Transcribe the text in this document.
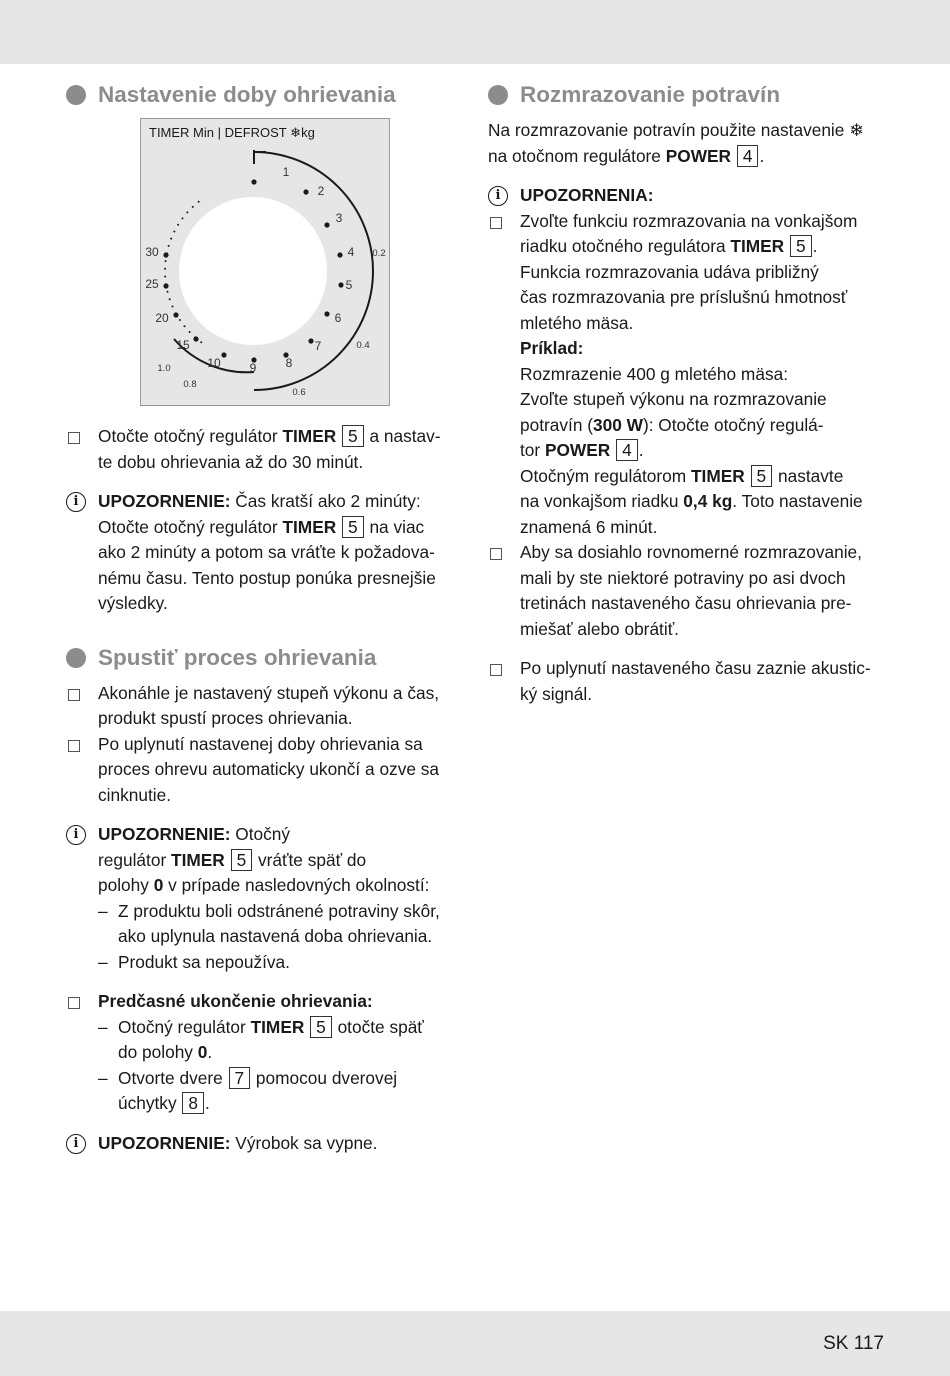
Nastavenie doby ohrievania
TIMER Min | DEFROST ❄kg
1
2
3
4
5
6
7
8
9
10
15
20
25
30	0.2
0.4
0.6
0.8
1.0

Otočte otočný regulátor TIMER 5 a nastav-
te dobu ohrievania až do 30 minút.

i	UPOZORNENIE: Čas kratší ako 2 minúty:
Otočte otočný regulátor TIMER 5 na viac
ako 2 minúty a potom sa vráťte k požadova-
nému času. Tento postup ponúka presnejšie
výsledky.

Spustiť proces ohrievania

Akonáhle je nastavený stupeň výkonu a čas,
produkt spustí proces ohrievania.

Po uplynutí nastavenej doby ohrievania sa
proces ohrevu automaticky ukončí a ozve sa
cinknutie.

i	UPOZORNENIE: Otočný
regulátor TIMER 5 vráťte späť do
polohy 0 v prípade nasledovných okolností:

– Z produktu boli odstránené potraviny skôr,
ako uplynula nastavená doba ohrievania.
– Produkt sa nepoužíva.

Predčasné ukončenie ohrievania:

– Otočný regulátor TIMER 5 otočte späť
do polohy 0.
– Otvorte dvere 7 pomocou dverovej
úchytky 8 .

i	UPOZORNENIE: Výrobok sa vypne.

Rozmrazovanie potravín

Na rozmrazovanie potravín použite nastavenie ❄
na otočnom regulátore POWER 4 .

i	UPOZORNENIA:

Zvoľte funkciu rozmrazovania na vonkajšom
riadku otočného regulátora TIMER 5 .
Funkcia rozmrazovania udáva približný
čas rozmrazovania pre príslušnú hmotnosť
mletého mäsa.
Príklad:
Rozmrazenie 400 g mletého mäsa:
Zvoľte stupeň výkonu na rozmrazovanie
potravín (300 W): Otočte otočný regulá-
tor POWER 4 .
Otočným regulátorom TIMER 5 nastavte
na vonkajšom riadku 0,4 kg. Toto nastavenie
znamená 6 minút.

Aby sa dosiahlo rovnomerné rozmrazovanie,
mali by ste niektoré potraviny po asi dvoch
tretinách nastaveného času ohrievania pre-
miešať alebo obrátiť.

Po uplynutí nastaveného času zaznie akustic-
ký signál.

SK 117
